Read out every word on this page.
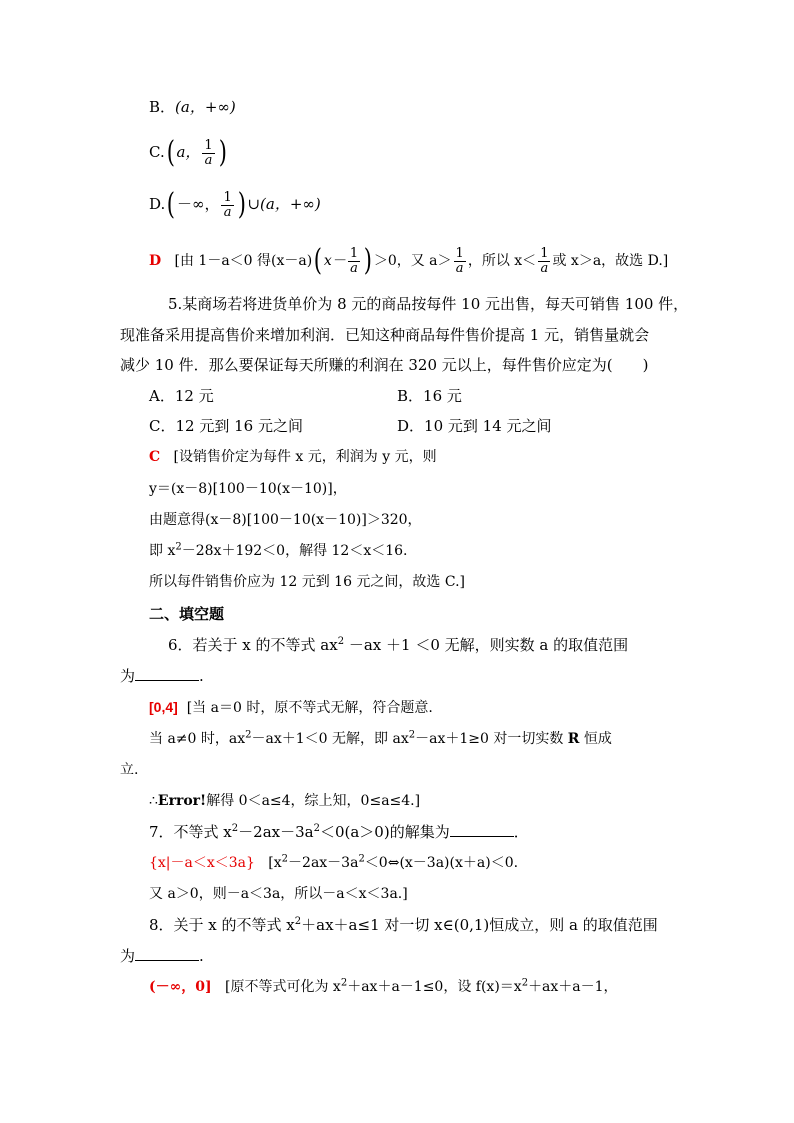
B．(a，+∞)
C.( a， $\frac{1}{a}$ )
D.( －∞， $\frac{1}{a}$ ) ∪(a，+∞)
D [由 1－a＜0 得(x－a)( $x- \frac{1}{a}$ ) ＞0，又 $a> \frac{1}{a}$ ，所以 $x< \frac{1}{a}$ 或 x＞a，故选 D.]
5.某商场若将进货单价为 8 元的商品按每件 10 元出售，每天可销售 100 件，
现准备采用提高售价来增加利润．已知这种商品每件售价提高 1 元，销售量就会
减少 10 件．那么要保证每天所赚的利润在 320 元以上，每件售价应定为(　　)
A．12 元	B．16 元
C．12 元到 16 元之间	D．10 元到 14 元之间
C [设销售价定为每件 x 元，利润为 y 元，则
y＝(x－8)[100－10(x－10)]，
由题意得(x－8)[100－10(x－10)]＞320，
即 $x^2-28x+192<0$，解得 12＜x＜16.
所以每件销售价应为 12 元到 16 元之间，故选 C.]
二、填空题
6．若关于 x 的不等式 $ax^2 -ax +1 <0$ 无解，则实数 a 的取值范围
为	.
[0,4] [当 a＝0 时，原不等式无解，符合题意.
当 a≠0 时，$ax^2-ax+1<0$ 无解，即 $ax^2-ax+1\ge 0$ 对一切实数 R 恒成
立.
∴Error!解得 0＜a≤4，综上知，0≤a≤4.]
7．不等式 $x^2-2ax-3a^2<0(a>0)$的解集为	．
{x|－a＜x＜3a} [$x^2-2ax-3a^2<0\Leftrightarrow(x-3a)(x+a)<0$.
又 a＞0，则－a＜3a，所以－a＜x＜3a.]
8．关于 x 的不等式 $x^2+ax+a\le 1$ 对一切 x∈(0,1)恒成立，则 a 的取值范围
为	.
(－∞，0] [原不等式可化为 $x^2+ax+a-1\le 0$，设 $f(x)=x^2+ax+a-1$，
